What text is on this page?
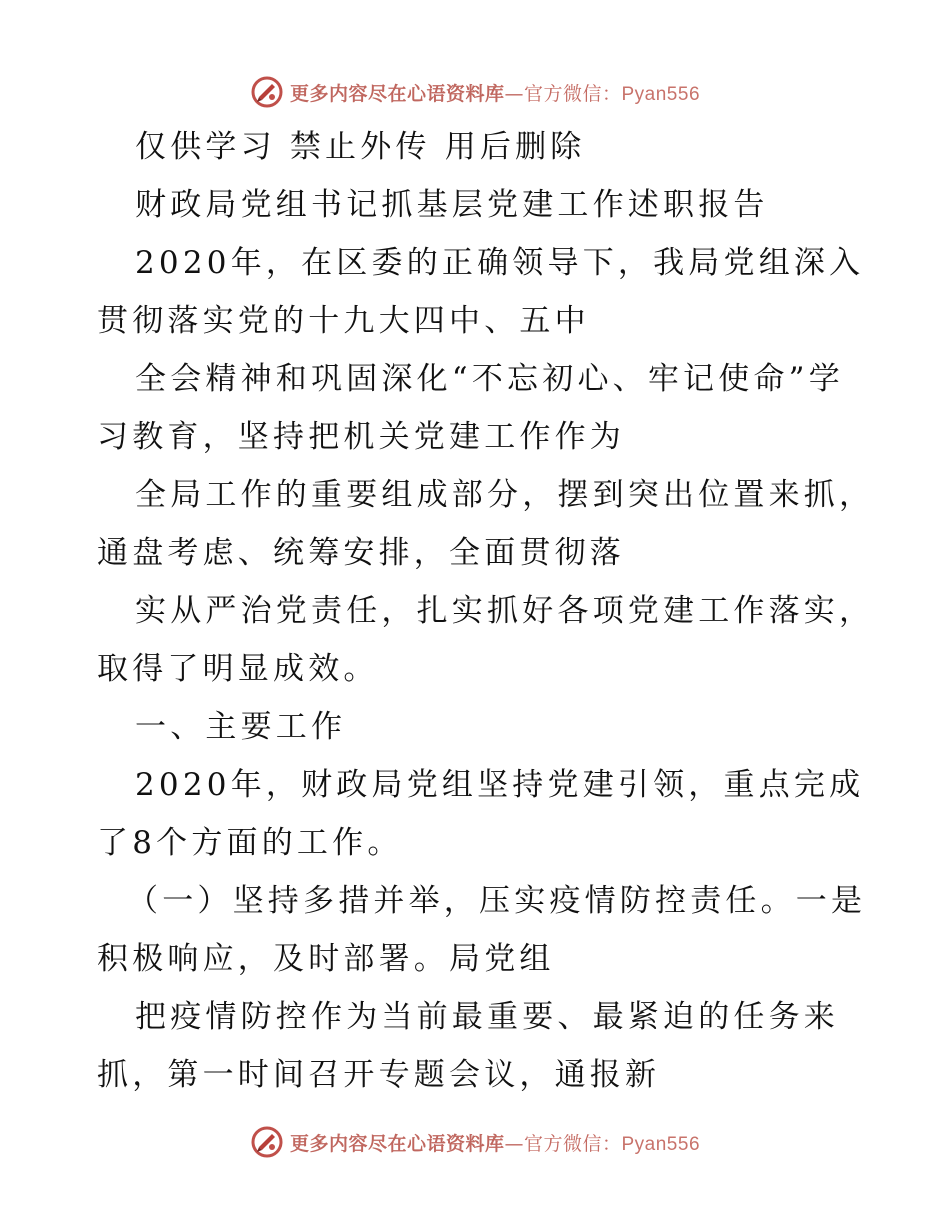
更多内容尽在心语资料库—官方微信：Pyan556
仅供学习 禁止外传 用后删除
财政局党组书记抓基层党建工作述职报告
2020年，在区委的正确领导下，我局党组深入
贯彻落实党的十九大四中、五中
全会精神和巩固深化“不忘初心、牢记使命”学
习教育，坚持把机关党建工作作为
全局工作的重要组成部分，摆到突出位置来抓，
通盘考虑、统筹安排，全面贯彻落
实从严治党责任，扎实抓好各项党建工作落实，
取得了明显成效。
一、主要工作
2020年，财政局党组坚持党建引领，重点完成
了8个方面的工作。
（一）坚持多措并举，压实疫情防控责任。一是
积极响应，及时部署。局党组
把疫情防控作为当前最重要、最紧迫的任务来
抓，第一时间召开专题会议，通报新
更多内容尽在心语资料库—官方微信：Pyan556
